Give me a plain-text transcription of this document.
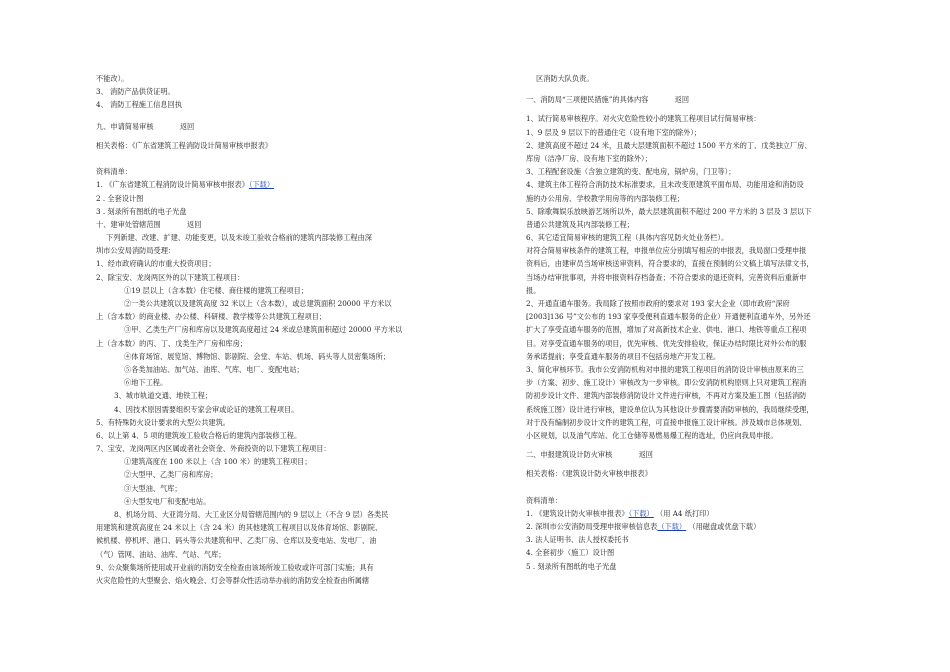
不能改）。
3、 消防产品供货证明。
4、 消防工程施工信息回执
九、申请简易审核	返回
相关表格：《广东省建筑工程消防设计简易审核申报表》
资料清单：
1. 《广东省建筑工程消防设计简易审核申报表》（下载）
2 . 全套设计图
3 . 刻录所有图纸的电子光盘
十、建审处管辖范围	返回
下列新建、改建、扩建、功能变更，以及未竣工验收合格前的建筑内部装修工程由深
圳市公安局消防局受理：
1、经市政府确认的市重大投资项目；
2、除宝安、龙岗两区外的以下建筑工程项目：
①19 层以上（含本数）住宅楼、商住楼的建筑工程项目；
②一类公共建筑以及建筑高度 32 米以上（含本数），或总建筑面积 20000 平方米以
上（含本数）的商业楼、办公楼、科研楼、教学楼等公共建筑工程项目；
③甲、乙类生产厂房和库房以及建筑高度超过 24 米或总建筑面积超过 20000 平方米以
上（含本数）的丙、丁、戊类生产厂房和库房；
④体育场馆、展览馆、博物馆、影剧院、会堂、车站、机场、码头等人员密集场所；
⑤各类加油站、加气站、油库、气库、电厂、变配电站；
⑥地下工程。
3、城市轨道交通、地铁工程；
4、因技术原因需要组织专家会审或论证的建筑工程项目。
5、有特殊防火设计要求的大型公共建筑。
6、以上第 4、5 项的建筑竣工验收合格后的建筑内部装修工程。
7、宝安、龙岗两区内区属或者社会资金、外商投资的以下建筑工程项目：
①建筑高度在 100 米以上（含 100 米）的建筑工程项目；
②大型甲、乙类厂房和库房；
③大型油、气库；
④大型发电厂和变配电站。
8、机场分局、大亚湾分局、大工业区分局管辖范围内的 9 层以上（不含 9 层）各类民
用建筑和建筑高度在 24 米以上（含 24 米）的其他建筑工程项目以及体育场馆、影剧院、
候机楼、停机坪、港口、码头等公共建筑和甲、乙类厂房、仓库以及变电站、发电厂、油
（气）管网、油站、油库、气站、气库；
9、公众聚集场所使用或开业前的消防安全检查由该场所竣工验收或许可部门实施；具有
火灾危险性的大型聚会、焰火晚会、灯会等群众性活动举办前的消防安全检查由所属辖
区消防大队负责。
一、消防局“三项便民措施”的具体内容	返回
1、试行简易审核程序。对火灾危险性较小的建筑工程项目试行简易审核：
1、9 层及 9 层以下的普通住宅（设有地下室的除外）；
2、建筑高度不超过 24 米，且最大层建筑面积不超过 1500 平方米的丁、戊类独立厂房、
库房（洁净厂房、设有地下室的除外）；
3、工程配套设施（含独立建筑的变、配电房，锅炉房，门卫等）；
4、建筑主体工程符合消防技术标准要求，且未改变原建筑平面布局、功能用途和消防设
施的办公用房、学校教学用房等的内部装修工程；
5、除歌舞娱乐放映游艺场所以外，最大层建筑面积不超过 200 平方米的 3 层及 3 层以下
普通公共建筑及其内部装修工程；
6、其它适宜简易审核的建筑工程（具体内容见防火处业务栏）。
对符合简易审核条件的建筑工程，申报单位应分别填写相应的申报表，我局窗口受理申报
资料后，由建审员当场审核送审资料，符合要求的，直接在预制的公文稿上填写法律文书，
当场办结审批事项，并将申报资料存档备查；不符合要求的退还资料，完善资料后重新申
报。
2、开通直通车服务。我局除了按照市政府的要求对 193 家大企业（即市政府“深府
[2003]136 号”文公布的 193 家享受便利直通车服务的企业）开通便利直通车外，另外还
扩大了享受直通车服务的范围，增加了对高新技术企业、供电、港口、地铁等重点工程项
目。对享受直通车服务的项目，优先审核、优先安排验收，保证办结时限比对外公布的服
务承诺提前；享受直通车服务的项目不包括房地产开发工程。
3、简化审核环节。我市公安消防机构对申报的建筑工程项目的消防设计审核由原来的三
步（方案、初步、施工设计）审核改为一步审核。即公安消防机构原则上只对建筑工程消
防初步设计文件、建筑内部装修消防设计文件进行审核，不再对方案及施工图（包括消防
系统施工图）设计进行审核，建设单位认为其他设计步骤需要消防审核的，我局继续受理，
对于没有编制初步设计文件的建筑工程，可直接申报施工设计审核。涉及城市总体规划、
小区规划，以及油气库站、化工仓储等易燃易爆工程的选址，仍应向我局申报。
二、申报建筑设计防火审核	返回
相关表格：《建筑设计防火审核申报表》
资料清单：
1. 《建筑设计防火审核申报表》（下载） （用 A4 纸打印）
2. 深圳市公安消防局受理申报审核信息表（下载） （用磁盘或优盘下载）
3. 法人证明书、法人授权委托书
4. 全套初步（施工）设计图
5 . 刻录所有图纸的电子光盘
